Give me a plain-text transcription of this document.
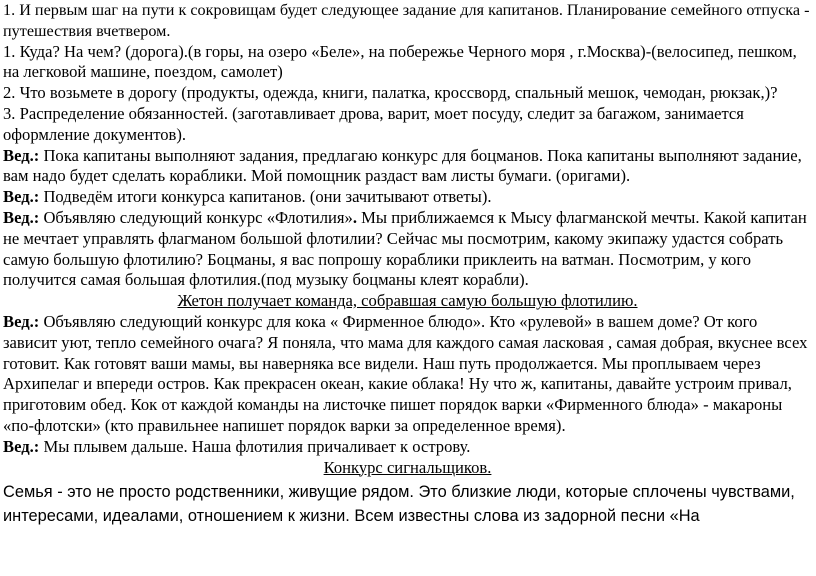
1. И первым шаг на пути к сокровищам будет следующее задание для капитанов. Планирование семейного отпуска - путешествия вчетвером.

1. Куда? На чем? (дорога).(в горы, на озеро «Беле», на побережье Черного моря , г.Москва)-(велосипед, пешком, на легковой машине, поездом, самолет)

2. Что возьмете в дорогу (продукты, одежда, книги, палатка, кроссворд, спальный мешок, чемодан, рюкзак,)?

3. Распределение обязанностей. (заготавливает дрова, варит, моет посуду, следит за багажом, занимается оформление документов).

Вед.: Пока капитаны выполняют задания, предлагаю конкурс для боцманов. Пока капитаны выполняют задание, вам надо будет сделать кораблики. Мой помощник раздаст вам листы бумаги. (оригами).

Вед.: Подведём итоги конкурса капитанов. (они зачитывают ответы).

Вед.: Объявляю следующий конкурс «Флотилия». Мы приближаемся к Мысу флагманской мечты. Какой капитан не мечтает управлять флагманом большой флотилии? Сейчас мы посмотрим, какому экипажу удастся собрать самую большую флотилию? Боцманы, я вас попрошу кораблики приклеить на ватман. Посмотрим, у кого получится самая большая флотилия.(под музыку боцманы клеят корабли).

Жетон получает команда, собравшая самую большую флотилию.

Вед.: Объявляю следующий конкурс для кока « Фирменное блюдо». Кто «рулевой» в вашем доме? От кого зависит уют, тепло семейного очага? Я поняла, что мама для каждого самая ласковая , самая добрая, вкуснее всех готовит. Как готовят ваши мамы, вы наверняка все видели. Наш путь продолжается. Мы проплываем через Архипелаг и впереди остров. Как прекрасен океан, какие облака! Ну что ж, капитаны, давайте устроим привал, приготовим обед. Кок от каждой команды на листочке пишет порядок варки «Фирменного блюда» - макароны «по-флотски» (кто правильнее напишет порядок варки за определенное время).

Вед.: Мы плывем дальше. Наша флотилия причаливает к острову.

Конкурс сигнальщиков.

Семья - это не просто родственники, живущие рядом. Это близкие люди, которые сплочены чувствами, интересами, идеалами, отношением к жизни. Всем известны слова из задорной песни «На
